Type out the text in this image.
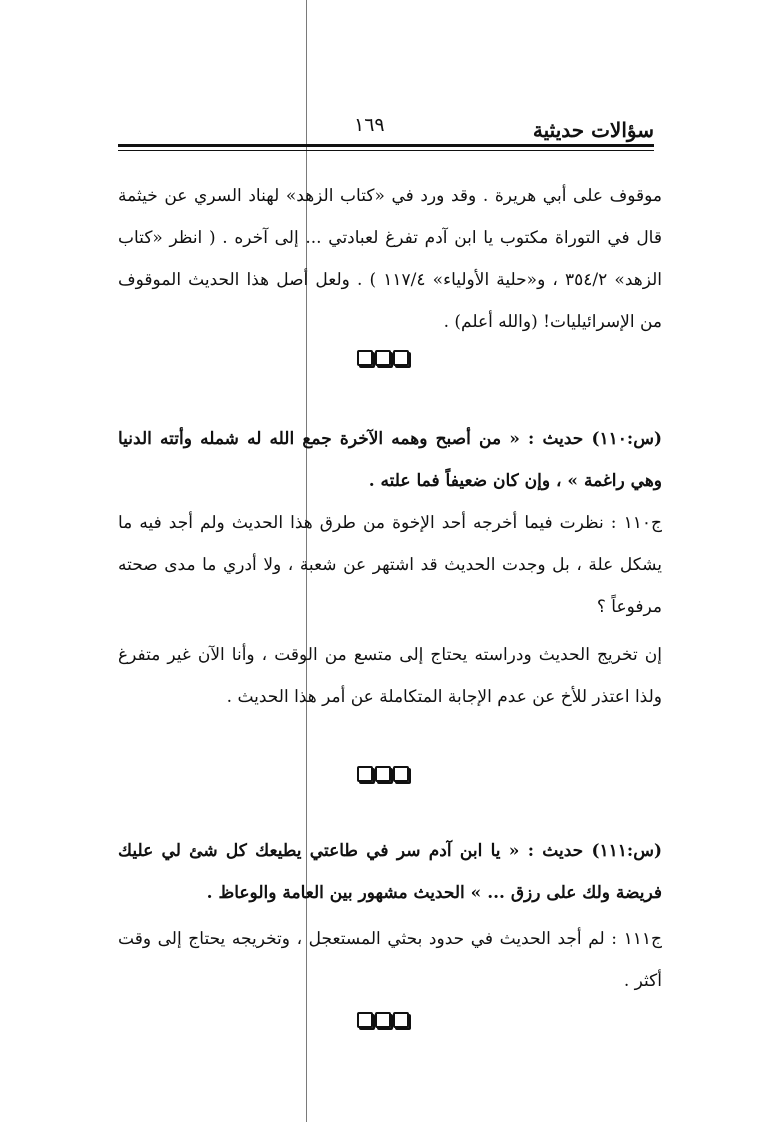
سؤالات حديثية
١٦٩

موقوف على أبي هريرة . وقد ورد في «كتاب الزهد» لهناد السري عن خيثمة قال في التوراة مكتوب يا ابن آدم تفرغ لعبادتي ... إلى آخره . ( انظر «كتاب الزهد» ٣٥٤/٢ ، و«حلية الأولياء» ١١٧/٤ ) . ولعل أصل هذا الحديث الموقوف من الإسرائيليات! (والله أعلم) .

(س:١١٠) حديث : « من أصبح وهمه الآخرة جمع الله له شمله وأتته الدنيا وهي راغمة » ، وإن كان ضعيفاً فما علته .

ج١١٠ : نظرت فيما أخرجه أحد الإخوة من طرق هذا الحديث ولم أجد فيه ما يشكل علة ، بل وجدت الحديث قد اشتهر عن شعبة ، ولا أدري ما مدى صحته مرفوعاً ؟

إن تخريج الحديث ودراسته يحتاج إلى متسع من الوقت ، وأنا الآن غير متفرغ ولذا اعتذر للأخ عن عدم الإجابة المتكاملة عن أمر هذا الحديث .

(س:١١١) حديث : « يا ابن آدم سر في طاعتي يطيعك كل شئ لي عليك فريضة ولك على رزق ... » الحديث مشهور بين العامة والوعاظ .

ج١١١ : لم أجد الحديث في حدود بحثي المستعجل ، وتخريجه يحتاج إلى وقت أكثر .
